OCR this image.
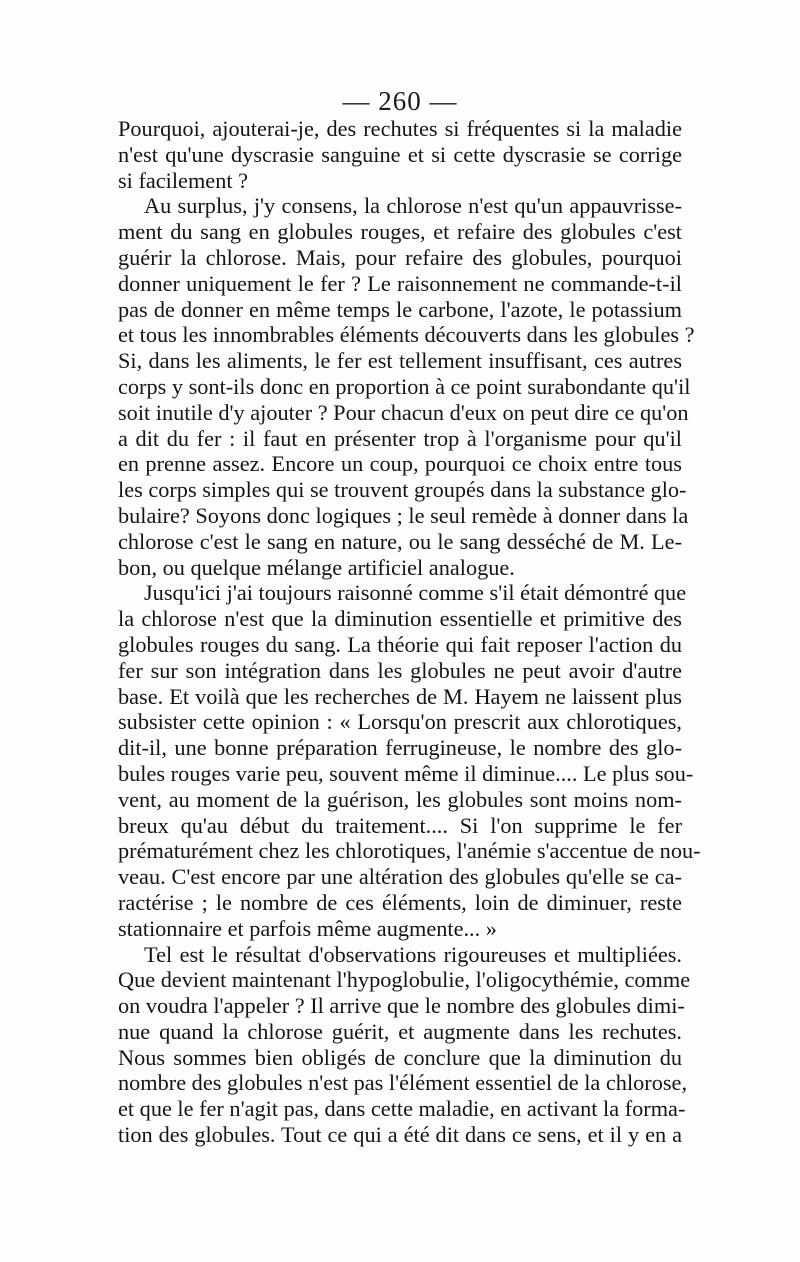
— 260 —

Pourquoi, ajouterai-je, des rechutes si fréquentes si la maladie

n'est qu'une dyscrasie sanguine et si cette dyscrasie se corrige

si facilement ?

Au surplus, j'y consens, la chlorose n'est qu'un appauvrisse-

ment du sang en globules rouges, et refaire des globules c'est

guérir la chlorose. Mais, pour refaire des globules, pourquoi

donner uniquement le fer ? Le raisonnement ne commande-t-il

pas de donner en même temps le carbone, l'azote, le potassium

et tous les innombrables éléments découverts dans les globules ?

Si, dans les aliments, le fer est tellement insuffisant, ces autres

corps y sont-ils donc en proportion à ce point surabondante qu'il

soit inutile d'y ajouter ? Pour chacun d'eux on peut dire ce qu'on

a dit du fer : il faut en présenter trop à l'organisme pour qu'il

en prenne assez. Encore un coup, pourquoi ce choix entre tous

les corps simples qui se trouvent groupés dans la substance glo-

bulaire? Soyons donc logiques ; le seul remède à donner dans la

chlorose c'est le sang en nature, ou le sang desséché de M. Le-

bon, ou quelque mélange artificiel analogue.

Jusqu'ici j'ai toujours raisonné comme s'il était démontré que

la chlorose n'est que la diminution essentielle et primitive des

globules rouges du sang. La théorie qui fait reposer l'action du

fer sur son intégration dans les globules ne peut avoir d'autre

base. Et voilà que les recherches de M. Hayem ne laissent plus

subsister cette opinion : « Lorsqu'on prescrit aux chlorotiques,

dit-il, une bonne préparation ferrugineuse, le nombre des glo-

bules rouges varie peu, souvent même il diminue.... Le plus sou-

vent, au moment de la guérison, les globules sont moins nom-

breux qu'au début du traitement.... Si l'on supprime le fer

prématurément chez les chlorotiques, l'anémie s'accentue de nou-

veau. C'est encore par une altération des globules qu'elle se ca-

ractérise ; le nombre de ces éléments, loin de diminuer, reste

stationnaire et parfois même augmente... »

Tel est le résultat d'observations rigoureuses et multipliées.

Que devient maintenant l'hypoglobulie, l'oligocythémie, comme

on voudra l'appeler ? Il arrive que le nombre des globules dimi-

nue quand la chlorose guérit, et augmente dans les rechutes.

Nous sommes bien obligés de conclure que la diminution du

nombre des globules n'est pas l'élément essentiel de la chlorose,

et que le fer n'agit pas, dans cette maladie, en activant la forma-

tion des globules. Tout ce qui a été dit dans ce sens, et il y en a
